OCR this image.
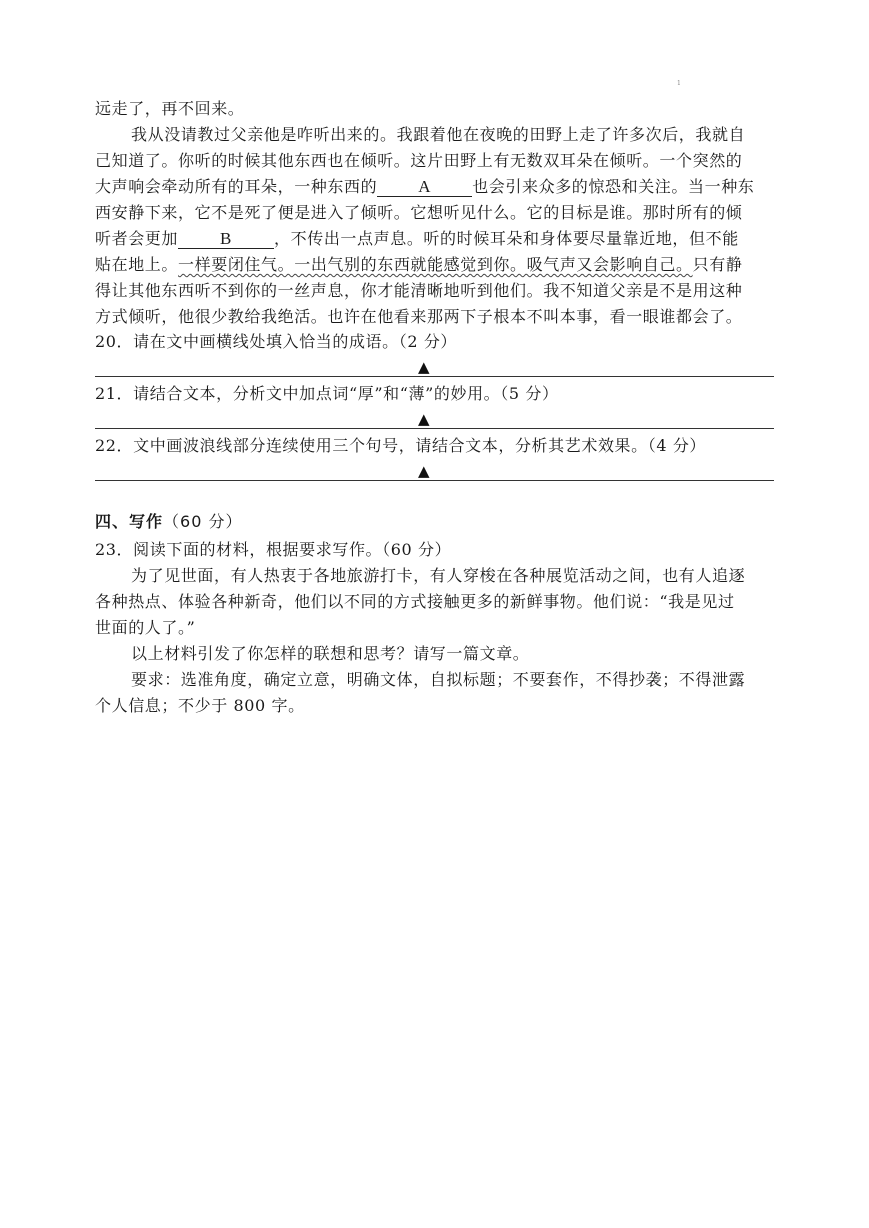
1
远走了，再不回来。
我从没请教过父亲他是咋听出来的。我跟着他在夜晚的田野上走了许多次后，我就自
己知道了。你听的时候其他东西也在倾听。这片田野上有无数双耳朵在倾听。一个突然的
大声响会牵动所有的耳朵，一种东西的 A	也会引来众多的惊恐和关注。当一种东
西安静下来，它不是死了便是进入了倾听。它想听见什么。它的目标是谁。那时所有的倾
听者会更加 B	，不传出一点声息。听的时候耳朵和身体要尽量靠近地，但不能
贴在地上。一样要闭住气。一出气别的东西就能感觉到你。吸气声又会影响自己。只有静
得让其他东西听不到你的一丝声息，你才能清晰地听到他们。我不知道父亲是不是用这种
方式倾听，他很少教给我绝活。也许在他看来那两下子根本不叫本事，看一眼谁都会了。
20．请在文中画横线处填入恰当的成语。（2 分）
▲
21．请结合文本，分析文中加点词“厚”和“薄”的妙用。（5 分）
▲
22．文中画波浪线部分连续使用三个句号，请结合文本，分析其艺术效果。（4 分）
▲
四、写作（60 分）
23．阅读下面的材料，根据要求写作。（60 分）
为了见世面，有人热衷于各地旅游打卡，有人穿梭在各种展览活动之间，也有人追逐
各种热点、体验各种新奇，他们以不同的方式接触更多的新鲜事物。他们说：“我是见过
世面的人了。”
以上材料引发了你怎样的联想和思考？请写一篇文章。
要求：选准角度，确定立意，明确文体，自拟标题；不要套作，不得抄袭；不得泄露
个人信息；不少于 800 字。
